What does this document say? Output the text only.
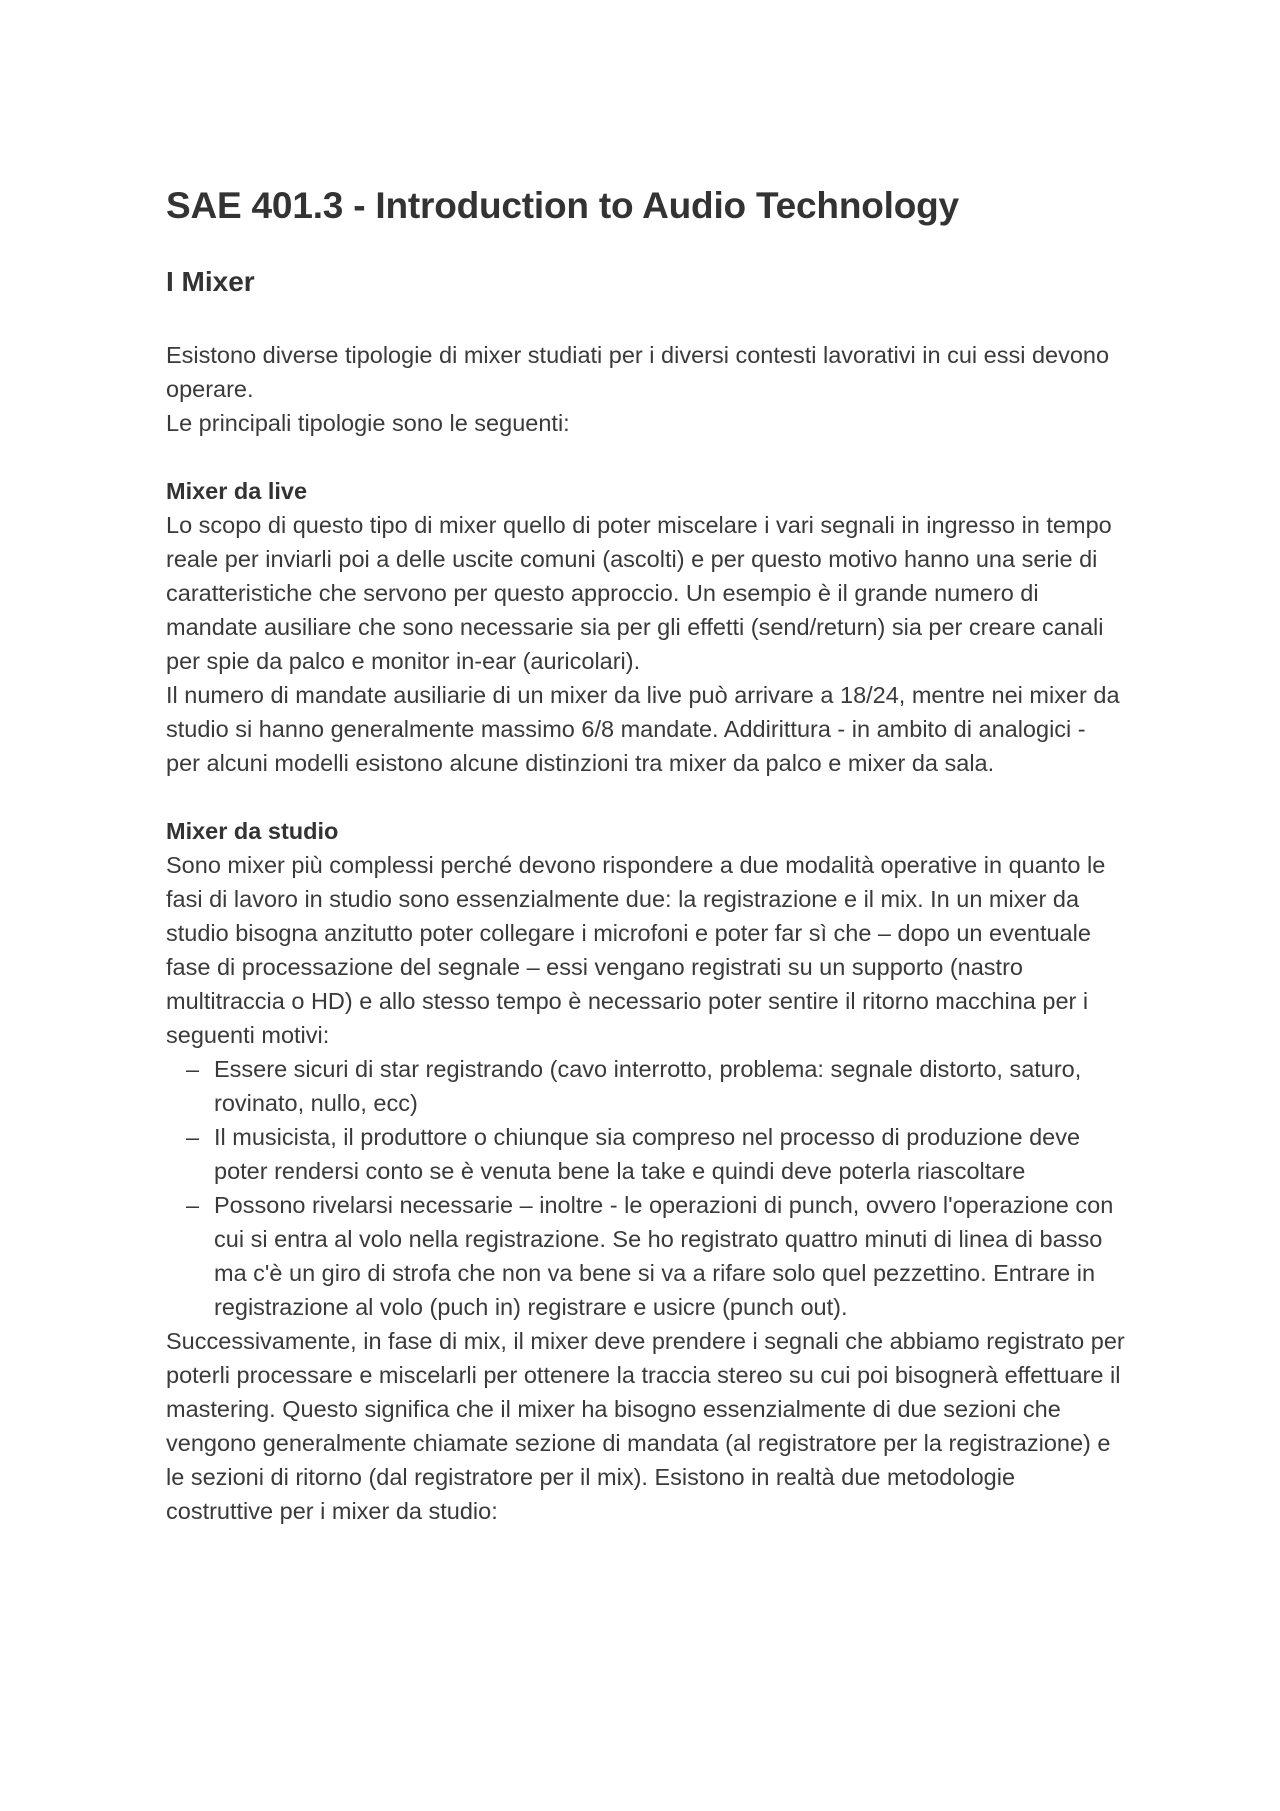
SAE 401.3 - Introduction to Audio Technology
I Mixer

Esistono diverse tipologie di mixer studiati per i diversi contesti lavorativi in cui essi devono operare.

Le principali tipologie sono le seguenti:

Mixer da live

Lo scopo di questo tipo di mixer quello di poter miscelare i vari segnali in ingresso in tempo reale per inviarli poi a delle uscite comuni (ascolti) e per questo motivo hanno una serie di caratteristiche che servono per questo approccio. Un esempio è il grande numero di mandate ausiliare che sono necessarie sia per gli effetti (send/return) sia per creare canali per spie da palco e monitor in-ear (auricolari).

Il numero di mandate ausiliarie di un mixer da live può arrivare a 18/24, mentre nei mixer da studio si hanno generalmente massimo 6/8 mandate. Addirittura - in ambito di analogici - per alcuni modelli esistono alcune distinzioni tra mixer da palco e mixer da sala.

Mixer da studio

Sono mixer più complessi perché devono rispondere a due modalità operative in quanto le fasi di lavoro in studio sono essenzialmente due: la registrazione e il mix. In un mixer da studio bisogna anzitutto poter collegare i microfoni e poter far sì che – dopo un eventuale fase di processazione del segnale – essi vengano registrati su un supporto (nastro multitraccia o HD) e allo stesso tempo è necessario poter sentire il ritorno macchina per i seguenti motivi:

– Essere sicuri di star registrando (cavo interrotto, problema: segnale distorto, saturo, rovinato, nullo, ecc)
– Il musicista, il produttore o chiunque sia compreso nel processo di produzione deve poter rendersi conto se è venuta bene la take e quindi deve poterla riascoltare
– Possono rivelarsi necessarie – inoltre - le operazioni di punch, ovvero l'operazione con cui si entra al volo nella registrazione. Se ho registrato quattro minuti di linea di basso ma c'è un giro di strofa che non va bene si va a rifare solo quel pezzettino. Entrare in registrazione al volo (puch in) registrare e usicre (punch out).

Successivamente, in fase di mix, il mixer deve prendere i segnali che abbiamo registrato per poterli processare e miscelarli per ottenere la traccia stereo su cui poi bisognerà effettuare il mastering. Questo significa che il mixer ha bisogno essenzialmente di due sezioni che vengono generalmente chiamate sezione di mandata (al registratore per la registrazione) e le sezioni di ritorno (dal registratore per il mix). Esistono in realtà due metodologie costruttive per i mixer da studio:
